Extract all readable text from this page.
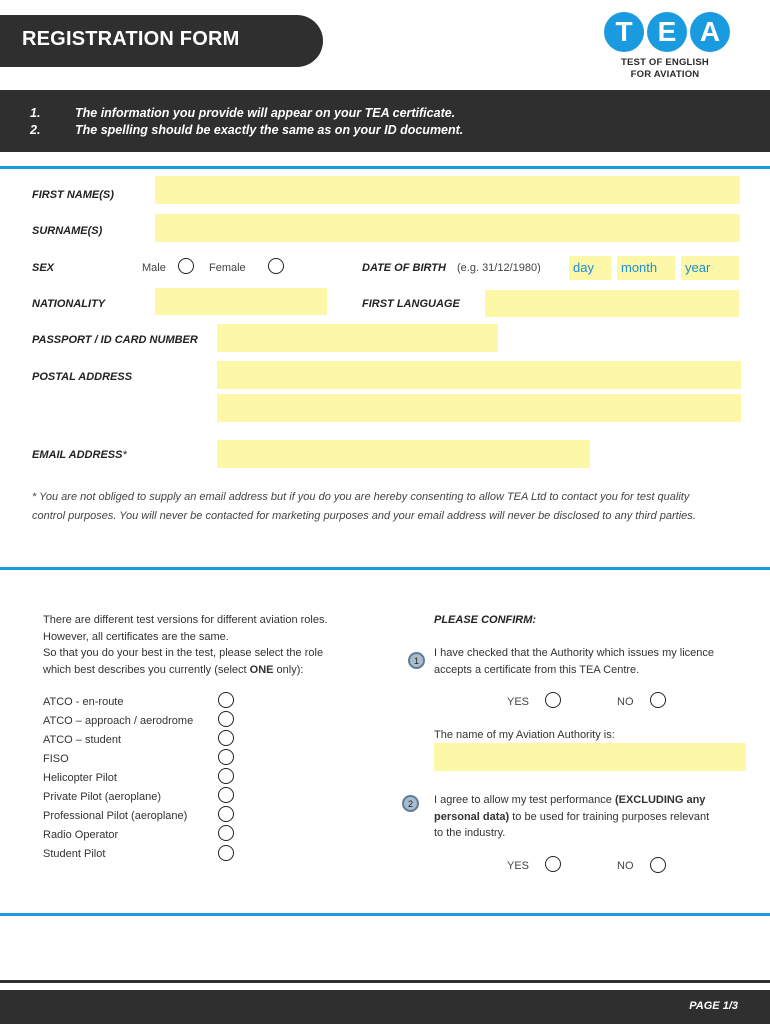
REGISTRATION FORM	T E A
TEST OF ENGLISH
FOR AVIATION
1.	The information you provide will appear on your TEA certificate.
2.	The spelling should be exactly the same as on your ID document.
FIRST NAME(S)
SURNAME(S)
SEX	Male	Female	DATE OF BIRTH (e.g. 31/12/1980)	day	month	year
NATIONALITY	FIRST LANGUAGE
PASSPORT / ID CARD NUMBER
POSTAL ADDRESS
EMAIL ADDRESS*
* You are not obliged to supply an email address but if you do you are hereby consenting to allow TEA Ltd to contact you for test quality
control purposes. You will never be contacted for marketing purposes and your email address will never be disclosed to any third parties.
There are different test versions for different aviation roles.
However, all certificates are the same.
So that you do your best in the test, please select the role
which best describes you currently (select ONE only):
ATCO - en-route
ATCO – approach / aerodrome
ATCO – student
FISO
Helicopter Pilot
Private Pilot (aeroplane)
Professional Pilot (aeroplane)
Radio Operator
Student Pilot
PLEASE CONFIRM:
1
I have checked that the Authority which issues my licence
accepts a certificate from this TEA Centre.
YES	NO
The name of my Aviation Authority is:
2	I agree to allow my test performance (EXCLUDING any
personal data) to be used for training purposes relevant
to the industry.
YES	NO
PAGE 1/3
